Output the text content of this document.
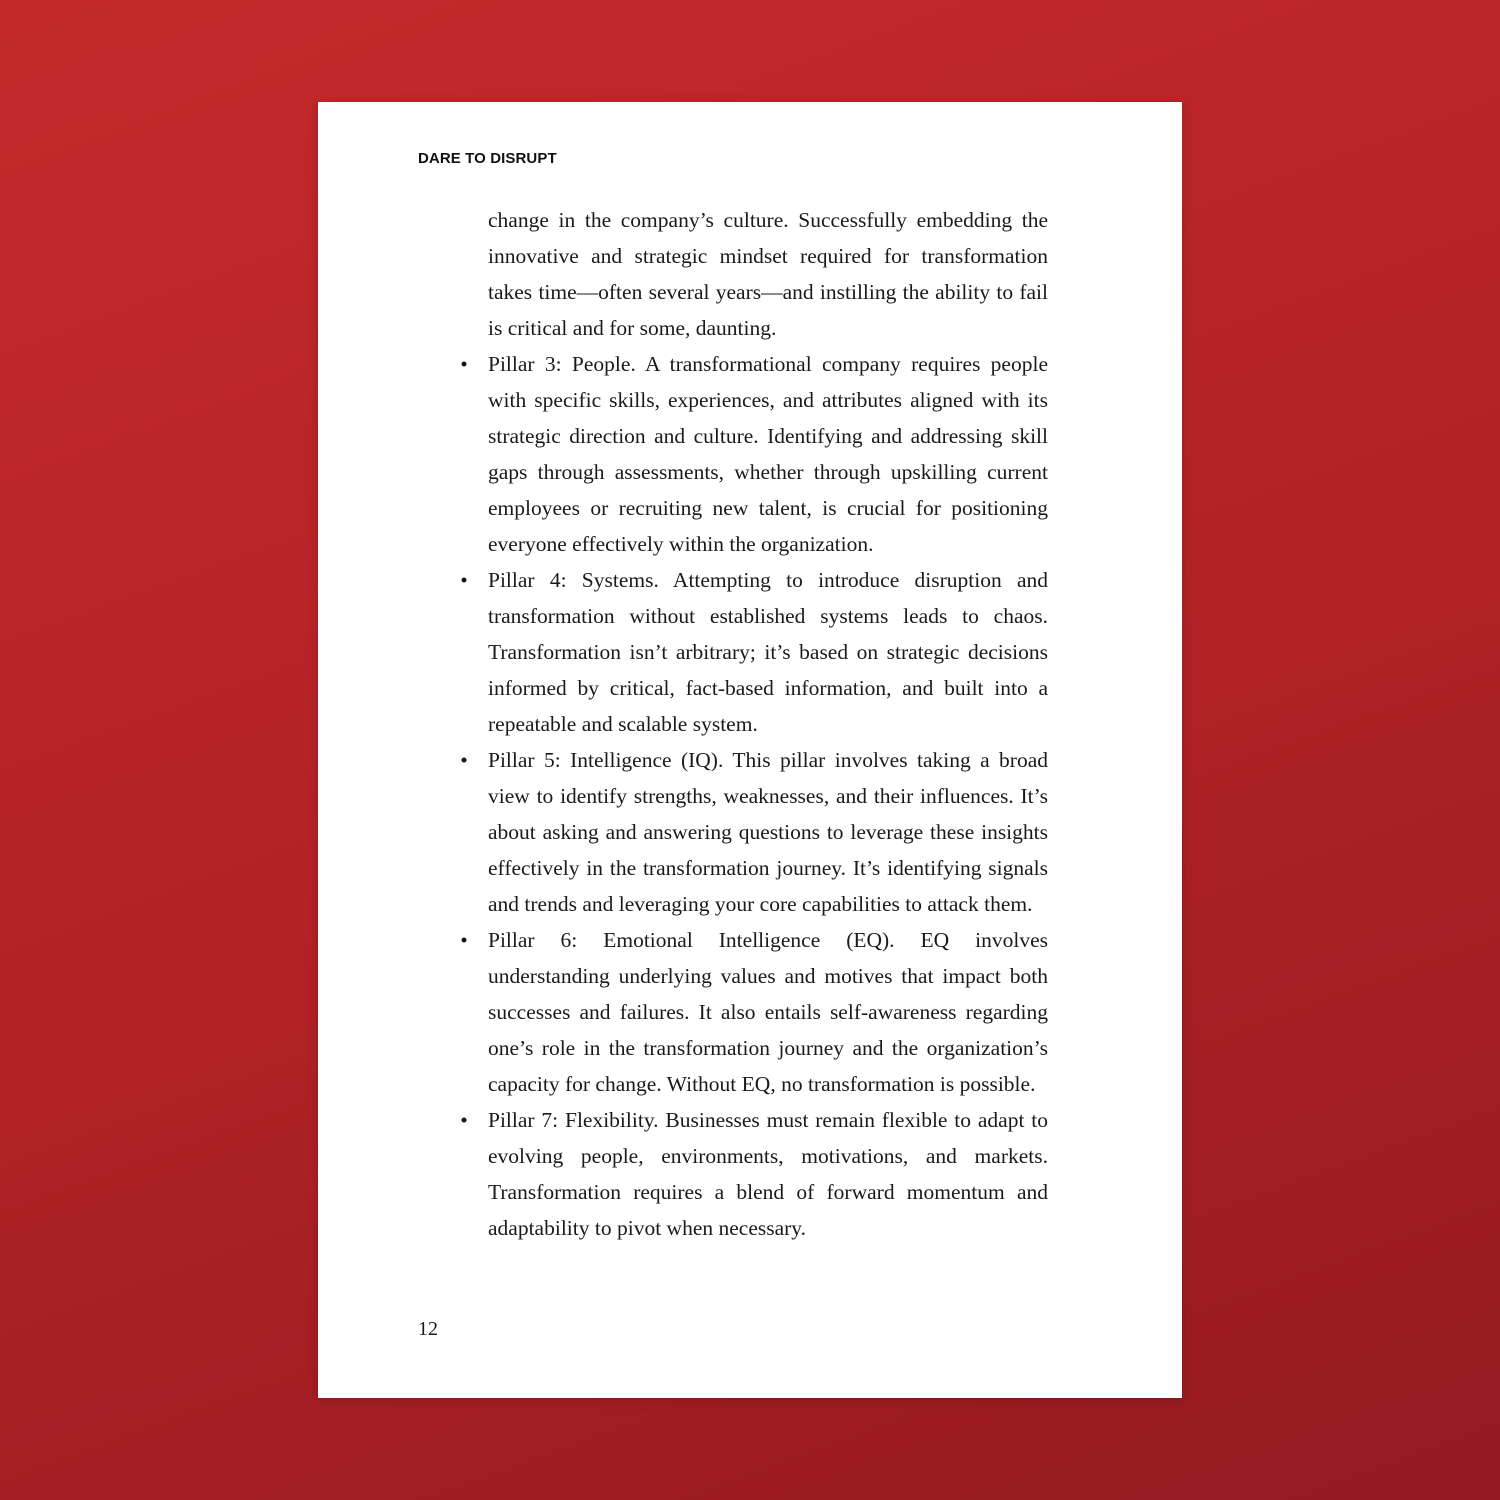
DARE TO DISRUPT

change in the company’s culture. Successfully embedding the innovative and strategic mindset required for transformation takes time—often several years—and instilling the ability to fail is critical and for some, daunting.

• Pillar 3: People. A transformational company requires people with specific skills, experiences, and attributes aligned with its strategic direction and culture. Identifying and addressing skill gaps through assessments, whether through upskilling current employees or recruiting new talent, is crucial for positioning everyone effectively within the organization.
• Pillar 4: Systems. Attempting to introduce disruption and transformation without established systems leads to chaos. Transformation isn’t arbitrary; it’s based on strategic decisions informed by critical, fact-based information, and built into a repeatable and scalable system.
• Pillar 5: Intelligence (IQ). This pillar involves taking a broad view to identify strengths, weaknesses, and their influences. It’s about asking and answering questions to leverage these insights effectively in the transformation journey. It’s identifying signals and trends and leveraging your core capabilities to attack them.
• Pillar 6: Emotional Intelligence (EQ). EQ involves understanding underlying values and motives that impact both successes and failures. It also entails self-awareness regarding one’s role in the transformation journey and the organization’s capacity for change. Without EQ, no transformation is possible.
• Pillar 7: Flexibility. Businesses must remain flexible to adapt to evolving people, environments, motivations, and markets. Transformation requires a blend of forward momentum and adaptability to pivot when necessary.
12
